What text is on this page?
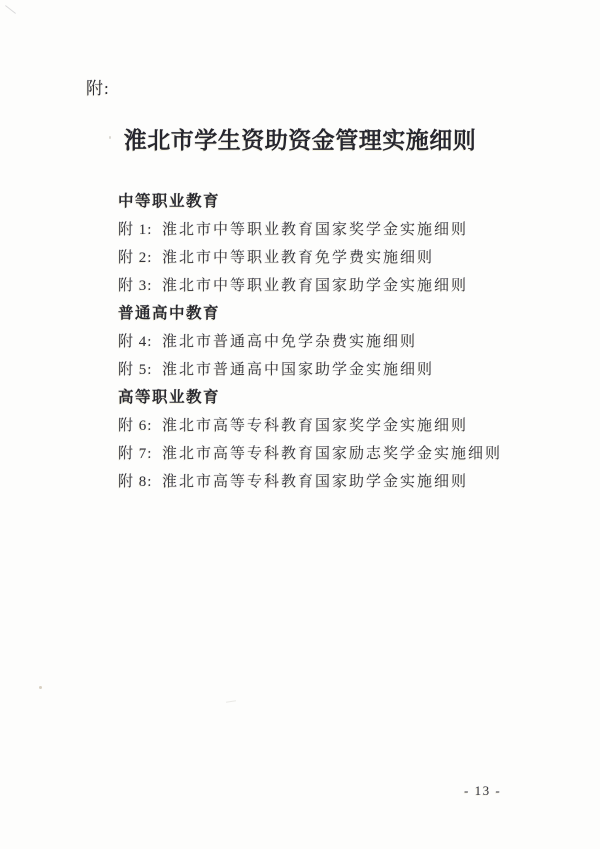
附:
淮北市学生资助资金管理实施细则
中等职业教育
附 1: 淮北市中等职业教育国家奖学金实施细则
附 2: 淮北市中等职业教育免学费实施细则
附 3: 淮北市中等职业教育国家助学金实施细则
普通高中教育
附 4: 淮北市普通高中免学杂费实施细则
附 5: 淮北市普通高中国家助学金实施细则
高等职业教育
附 6: 淮北市高等专科教育国家奖学金实施细则
附 7: 淮北市高等专科教育国家励志奖学金实施细则
附 8: 淮北市高等专科教育国家助学金实施细则
- 13 -
